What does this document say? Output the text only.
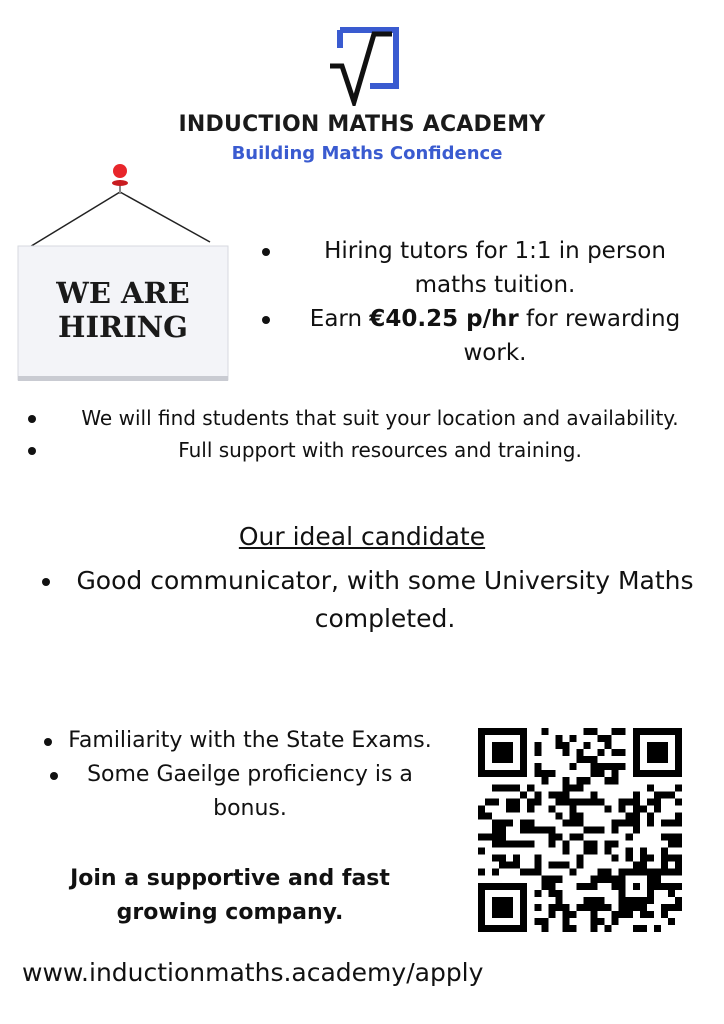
INDUCTION MATHS ACADEMY
Building Maths Confidence
WE ARE
HIRING
Hiring tutors for 1:1 in person maths tuition.
Earn €40.25 p/hr for rewarding work.
We will find students that suit your location and availability.
Full support with resources and training.
Our ideal candidate
Good communicator, with some University Maths completed.
Familiarity with the State Exams.
Some Gaeilge proficiency is a bonus.
Join a supportive and fast growing company.
www.inductionmaths.academy/apply
